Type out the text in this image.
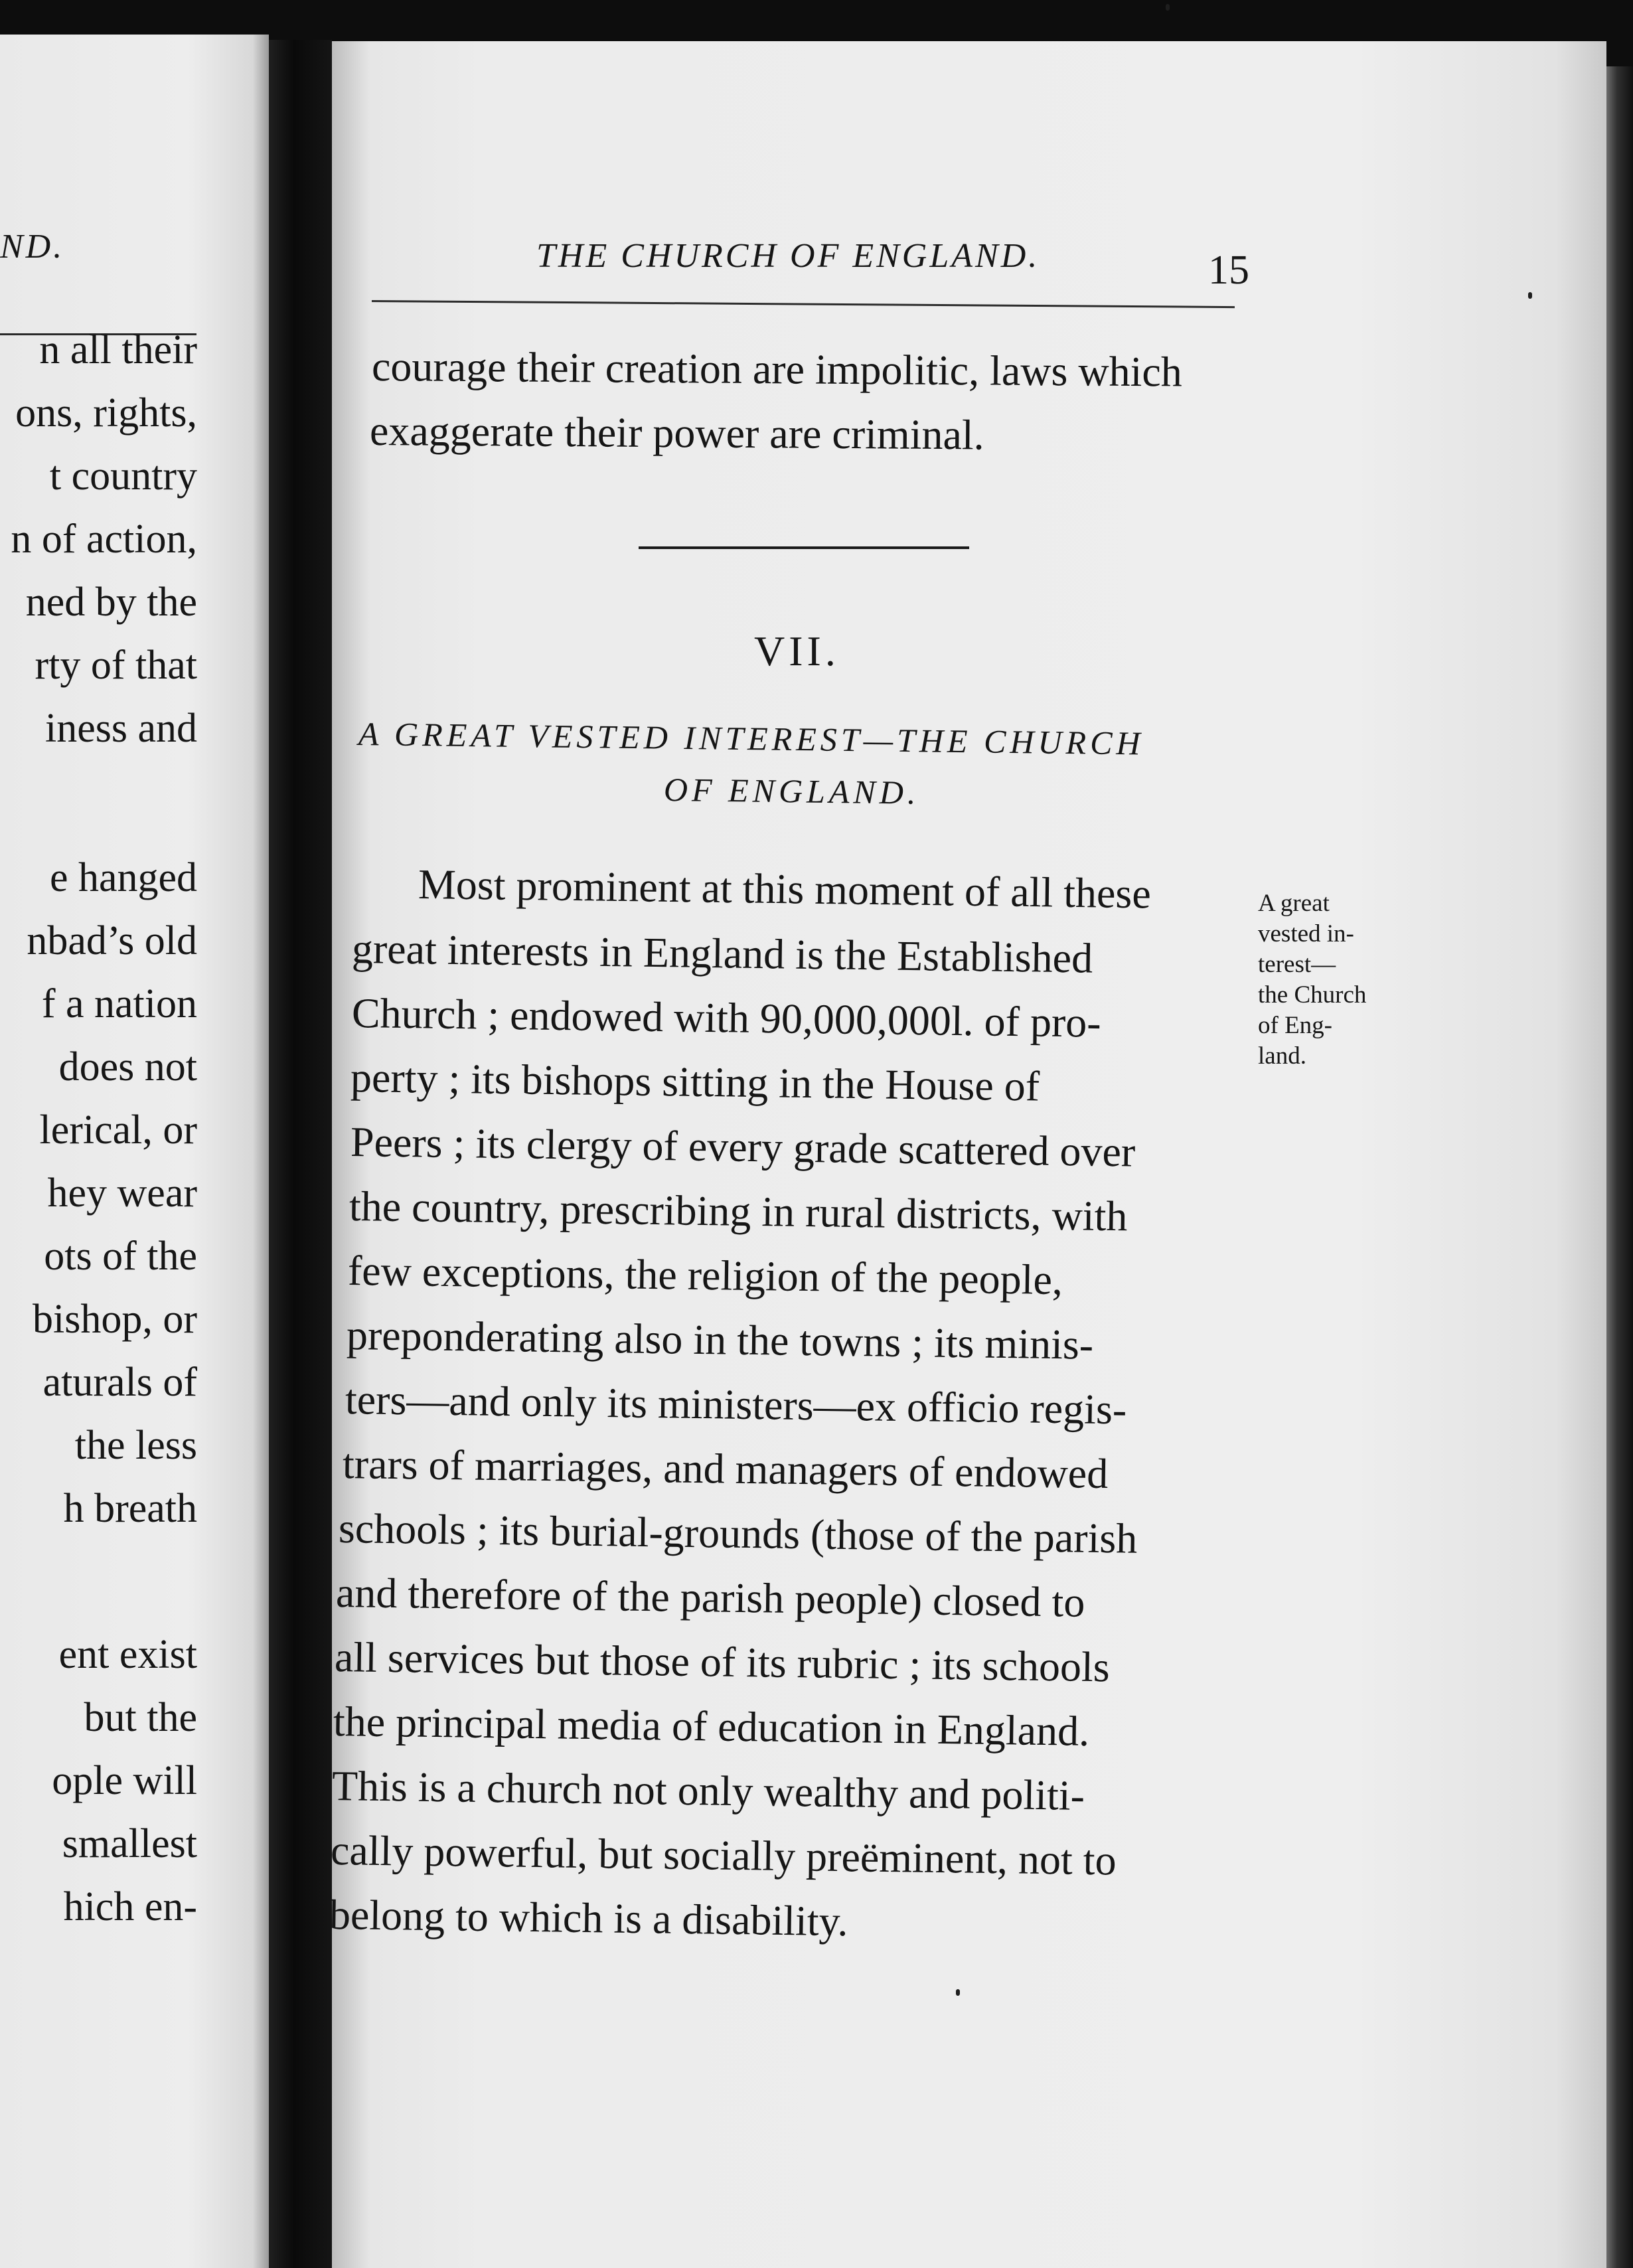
ND.
n all their
ons, rights,
t country
n of action,
ned by the
rty of that
iness and
e hanged
nbad’s old
f a nation
does not
lerical, or
hey wear
ots of the
bishop, or
aturals of
the less
h breath
ent exist
but the
ople will
smallest
hich en-
THE CHURCH OF ENGLAND.	15
courage their creation are impolitic, laws which
exaggerate their power are criminal.
VII.
A GREAT VESTED INTEREST—THE CHURCH
OF ENGLAND.
Most prominent at this moment of all these
great interests in England is the Established
Church ; endowed with 90,000,000l. of pro-
perty ; its bishops sitting in the House of
Peers ; its clergy of every grade scattered over
the country, prescribing in rural districts, with
few exceptions, the religion of the people,
preponderating also in the towns ; its minis-
ters—and only its ministers—ex officio regis-
trars of marriages, and managers of endowed
schools ; its burial-grounds (those of the parish
and therefore of the parish people) closed to
all services but those of its rubric ; its schools
the principal media of education in England.
This is a church not only wealthy and politi-
cally powerful, but socially preëminent, not to
belong to which is a disability.
A great
vested in-
terest—
the Church
of Eng-
land.
